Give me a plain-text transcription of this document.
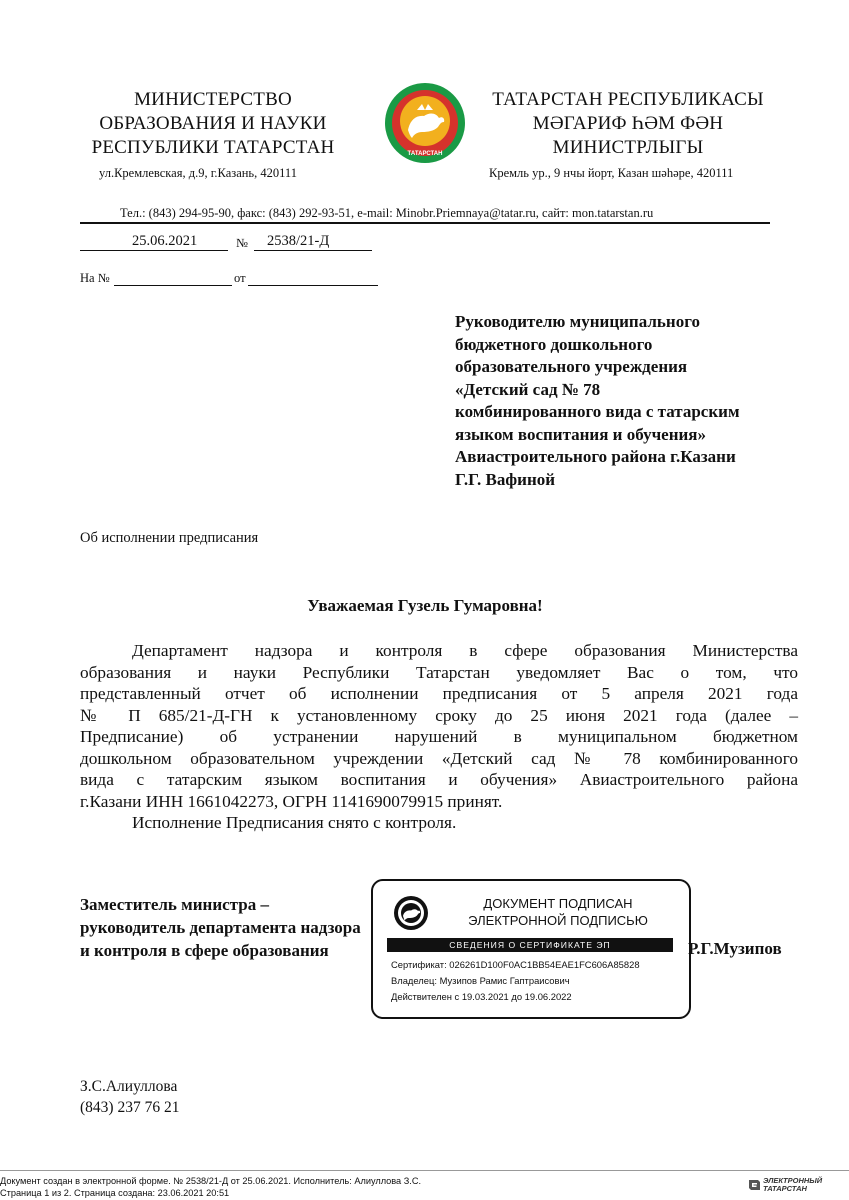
МИНИСТЕРСТВО
ОБРАЗОВАНИЯ И НАУКИ
РЕСПУБЛИКИ ТАТАРСТАН
ул.Кремлевская, д.9, г.Казань, 420111
ТАТАРСТАН
ТАТАРСТАН РЕСПУБЛИКАСЫ
МӘГАРИФ ҺӘМ ФӘН
МИНИСТРЛЫГЫ
Кремль ур., 9 нчы йорт, Казан шәһәре, 420111
Тел.: (843) 294-95-90, факс: (843) 292-93-51, e-mail: Minobr.Priemnaya@tatar.ru, сайт: mon.tatarstan.ru
25.06.2021	№ 2538/21-Д
На №	от
Руководителю муниципального
бюджетного дошкольного
образовательного учреждения
«Детский сад № 78
комбинированного вида с татарским
языком воспитания и обучения»
Авиастроительного района г.Казани
Г.Г. Вафиной
Об исполнении предписания
Уважаемая Гузель Гумаровна!

Департамент надзора и контроля в сфере образования Министерства

образования и науки Республики Татарстан уведомляет Вас о том, что

представленный отчет об исполнении предписания от 5 апреля 2021 года

№ П 685/21-Д-ГН к установленному сроку до 25 июня 2021 года (далее –

Предписание) об устранении нарушений в муниципальном бюджетном

дошкольном образовательном учреждении «Детский сад № 78 комбинированного

вида с татарским языком воспитания и обучения» Авиастроительного района

г.Казани ИНН 1661042273, ОГРН 1141690079915 принят.

Исполнение Предписания снято с контроля.

Заместитель министра –
руководитель департамента надзора
и контроля в сфере образования
ДОКУМЕНТ ПОДПИСАН
ЭЛЕКТРОННОЙ ПОДПИСЬЮ
СВЕДЕНИЯ О СЕРТИФИКАТЕ ЭП
Сертификат: 026261D100F0AC1BB54EAE1FC606A85828
Владелец: Музипов Рамис Гаптраисович
Действителен с 19.03.2021 до 19.06.2022
Р.Г.Музипов
З.С.Алиуллова
(843) 237 76 21
Документ создан в электронной форме. № 2538/21-Д от 25.06.2021. Исполнитель: Алиуллова З.С.
Страница 1 из 2. Страница создана: 23.06.2021 20:51
ЭЛЕКТРОННЫЙ
ТАТАРСТАН
